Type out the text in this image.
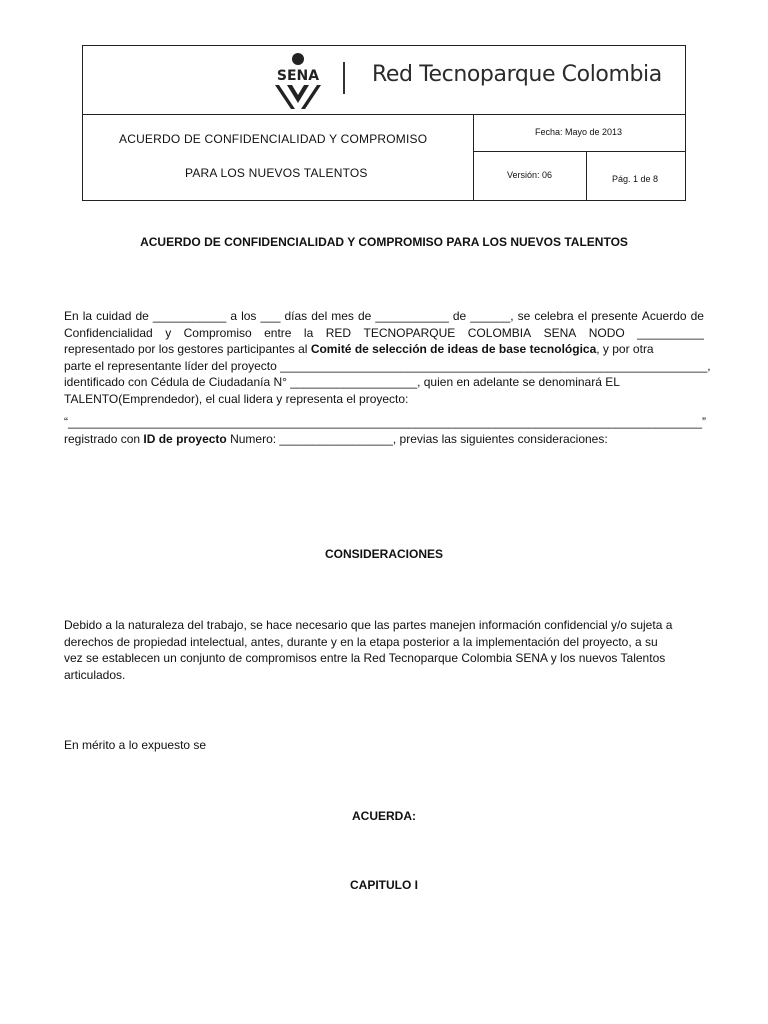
SENA Red Tecnoparque Colombia
ACUERDO DE CONFIDENCIALIDAD Y COMPROMISO
PARA LOS NUEVOS TALENTOS
Fecha: Mayo de 2013
Versión: 06	Pág. 1 de 8
ACUERDO DE CONFIDENCIALIDAD Y COMPROMISO PARA LOS NUEVOS TALENTOS
En la cuidad de ___________ a los ___ días del mes de ___________ de ______, se celebra el presente Acuerdo de
Confidencialidad y Compromiso entre la RED TECNOPARQUE COLOMBIA SENA NODO __________
representado por los gestores participantes al Comité de selección de ideas de base tecnológica, y por otra
parte el representante líder del proyecto ________________________________________________________________,
identificado con Cédula de Ciudadanía N° ___________________, quien en adelante se denominará EL
TALENTO(Emprendedor), el cual lidera y representa el proyecto:
“_______________________________________________________________________________________________”
registrado con ID de proyecto Numero: _________________, previas las siguientes consideraciones:
CONSIDERACIONES
Debido a la naturaleza del trabajo, se hace necesario que las partes manejen información confidencial y/o sujeta a
derechos de propiedad intelectual, antes, durante y en la etapa posterior a la implementación del proyecto, a su
vez se establecen un conjunto de compromisos entre la Red Tecnoparque Colombia SENA y los nuevos Talentos
articulados.
En mérito a lo expuesto se
ACUERDA:
CAPITULO I
